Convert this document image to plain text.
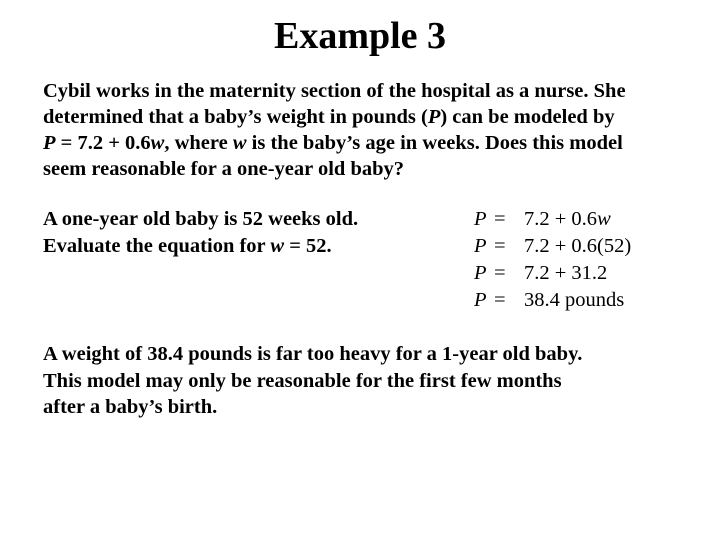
Example 3
Cybil works in the maternity section of the hospital as a nurse. She
determined that a baby’s weight in pounds (P) can be modeled by
P = 7.2 + 0.6w, where w is the baby’s age in weeks. Does this model
seem reasonable for a one-year old baby?
A one-year old baby is 52 weeks old.
Evaluate the equation for w = 52.
P = 7.2 + 0.6w
P = 7.2 + 0.6(52)
P = 7.2 + 31.2
P = 38.4 pounds
A weight of 38.4 pounds is far too heavy for a 1-year old baby.
This model may only be reasonable for the first few months
after a baby’s birth.
